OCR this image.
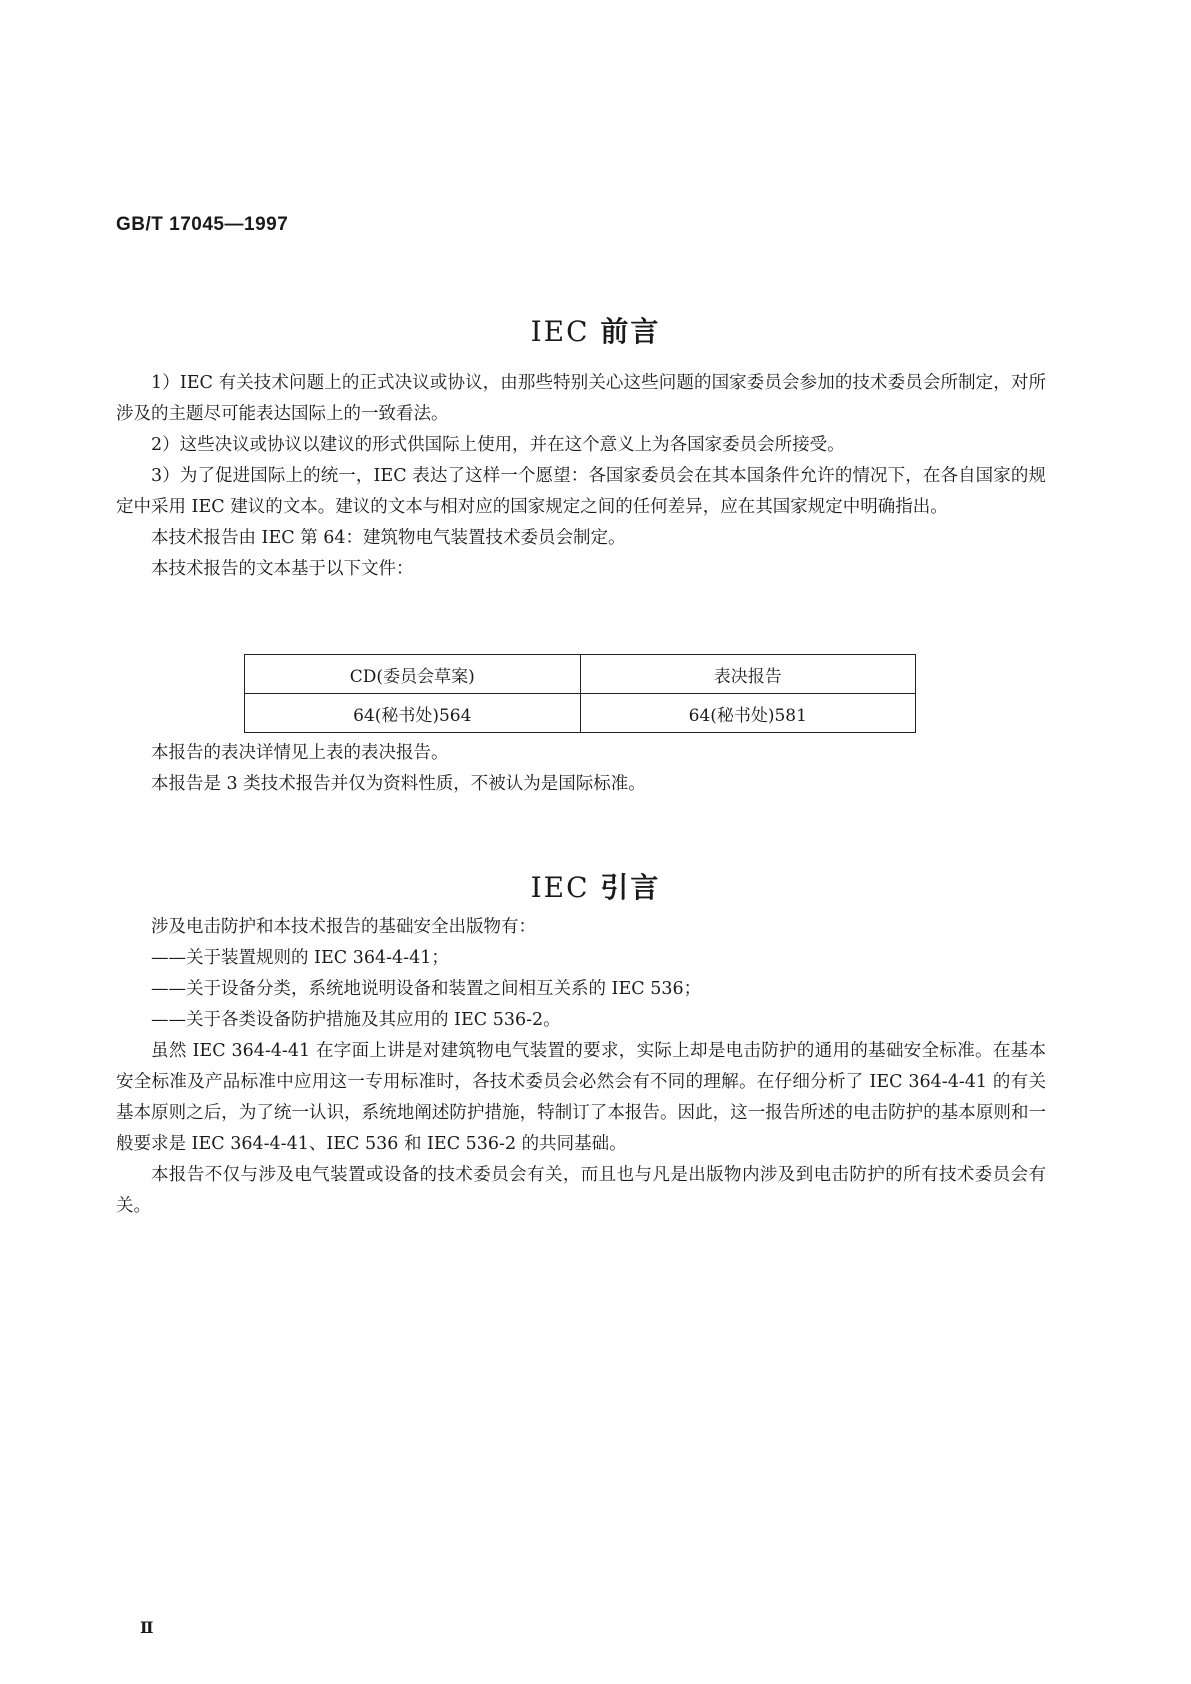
GB/T 17045—1997
IEC 前言

1）IEC 有关技术问题上的正式决议或协议，由那些特别关心这些问题的国家委员会参加的技术委员会所制定，对所涉及的主题尽可能表达国际上的一致看法。

2）这些决议或协议以建议的形式供国际上使用，并在这个意义上为各国家委员会所接受。

3）为了促进国际上的统一，IEC 表达了这样一个愿望：各国家委员会在其本国条件允许的情况下，在各自国家的规定中采用 IEC 建议的文本。建议的文本与相对应的国家规定之间的任何差异，应在其国家规定中明确指出。

本技术报告由 IEC 第 64：建筑物电气装置技术委员会制定。

本技术报告的文本基于以下文件：

CD(委员会草案)	表决报告
64(秘书处)564	64(秘书处)581

本报告的表决详情见上表的表决报告。

本报告是 3 类技术报告并仅为资料性质，不被认为是国际标准。

IEC 引言

涉及电击防护和本技术报告的基础安全出版物有：

——关于装置规则的 IEC 364-4-41；

——关于设备分类，系统地说明设备和装置之间相互关系的 IEC 536；

——关于各类设备防护措施及其应用的 IEC 536-2。

虽然 IEC 364-4-41 在字面上讲是对建筑物电气装置的要求，实际上却是电击防护的通用的基础安全标准。在基本安全标准及产品标准中应用这一专用标准时，各技术委员会必然会有不同的理解。在仔细分析了 IEC 364-4-41 的有关基本原则之后，为了统一认识，系统地阐述防护措施，特制订了本报告。因此，这一报告所述的电击防护的基本原则和一般要求是 IEC 364-4-41、IEC 536 和 IEC 536-2 的共同基础。

本报告不仅与涉及电气装置或设备的技术委员会有关，而且也与凡是出版物内涉及到电击防护的所有技术委员会有关。

Ⅱ
